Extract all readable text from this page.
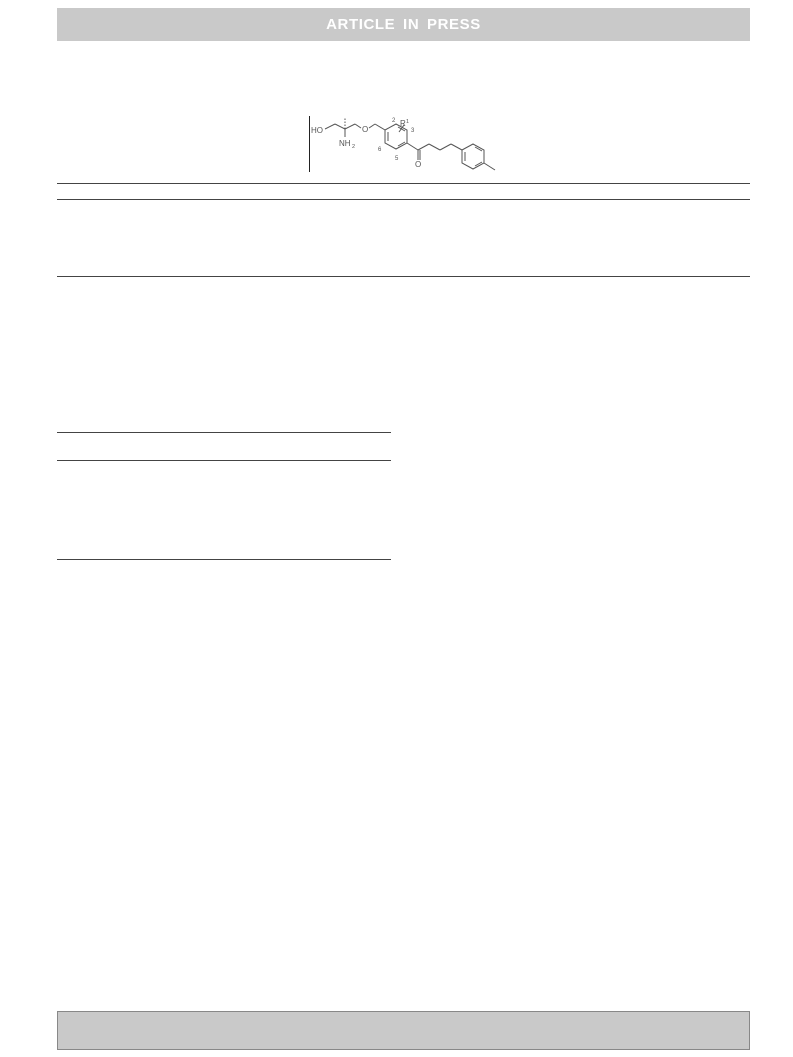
ARTICLE IN PRESS
HO
NH 2
O
O
R 1
2
3
5
6
